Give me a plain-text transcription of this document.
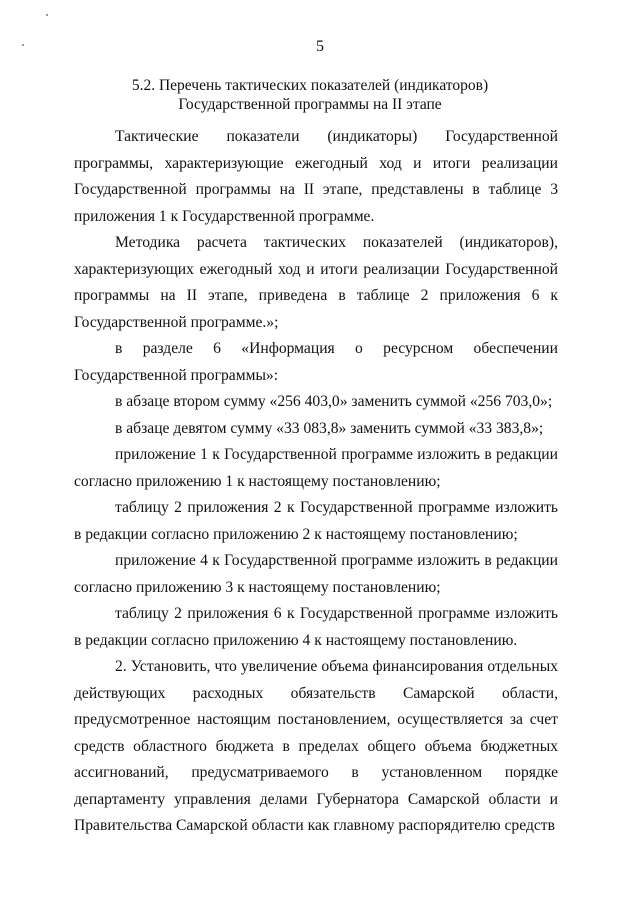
5
5.2. Перечень тактических показателей (индикаторов)
Государственной программы на II этапе

Тактические показатели (индикаторы) Государственной программы, характеризующие ежегодный ход и итоги реализации Государственной программы на II этапе, представлены в таблице 3 приложения 1 к Государственной программе.

Методика расчета тактических показателей (индикаторов), характеризующих ежегодный ход и итоги реализации Государственной программы на II этапе, приведена в таблице 2 приложения 6 к Государственной программе.»;

в разделе 6 «Информация о ресурсном обеспечении Государственной программы»:

в абзаце втором сумму «256 403,0» заменить суммой «256 703,0»;

в абзаце девятом сумму «33 083,8» заменить суммой «33 383,8»;

приложение 1 к Государственной программе изложить в редакции согласно приложению 1 к настоящему постановлению;

таблицу 2 приложения 2 к Государственной программе изложить в редакции согласно приложению 2 к настоящему постановлению;

приложение 4 к Государственной программе изложить в редакции согласно приложению 3 к настоящему постановлению;

таблицу 2 приложения 6 к Государственной программе изложить в редакции согласно приложению 4 к настоящему постановлению.

2. Установить, что увеличение объема финансирования отдельных действующих расходных обязательств Самарской области, предусмотренное настоящим постановлением, осуществляется за счет средств областного бюджета в пределах общего объема бюджетных ассигнований, предусматриваемого в установленном порядке департаменту управления делами Губернатора Самарской области и Правительства Самарской области как главному распорядителю средств
